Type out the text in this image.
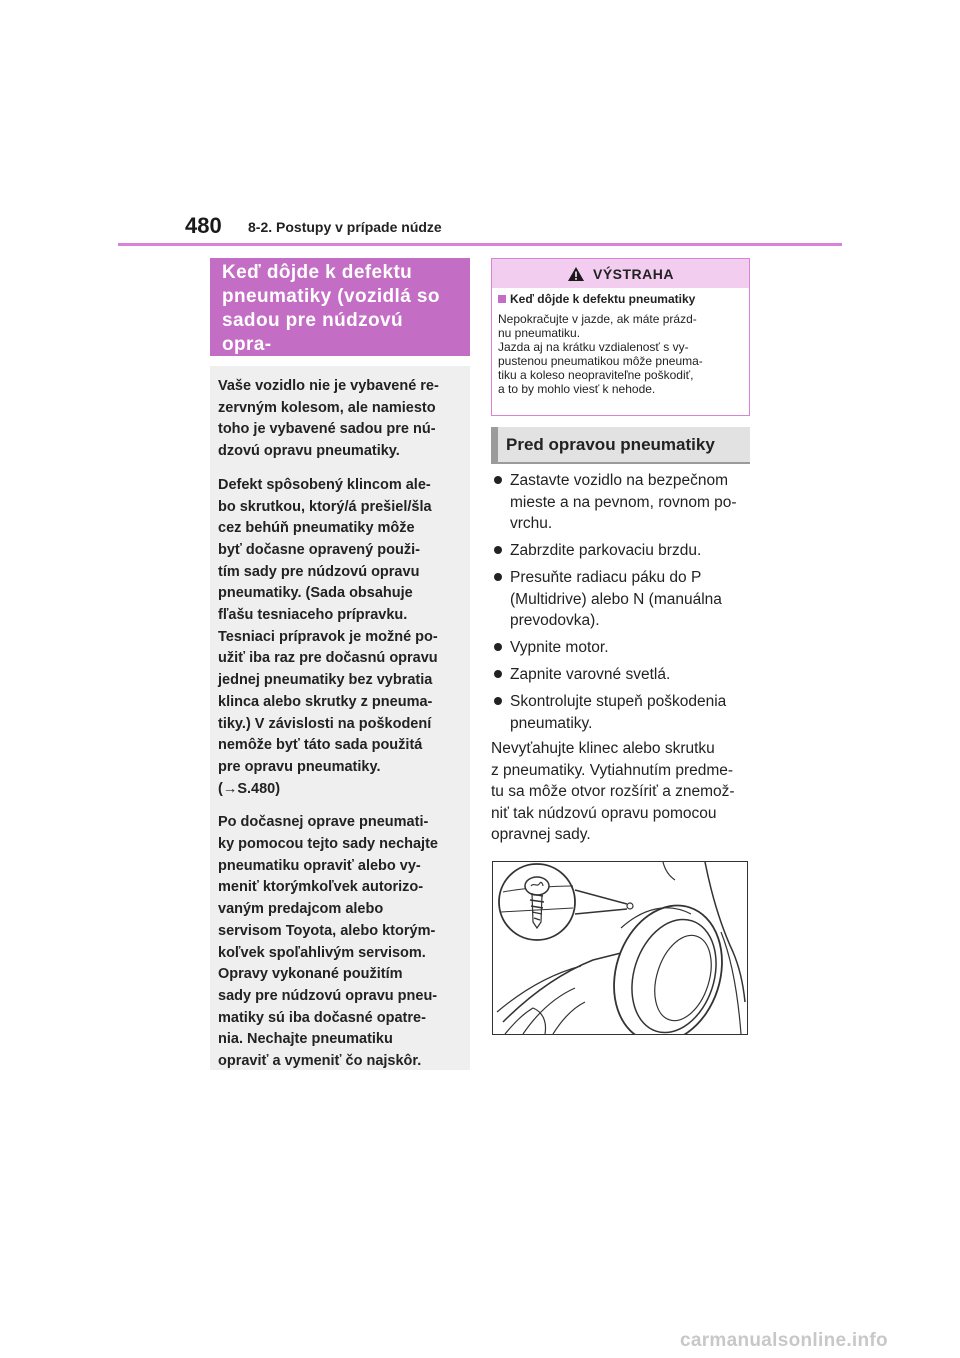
480 8-2. Postupy v prípade núdze
Keď dôjde k defektu
pneumatiky (vozidlá so
sadou pre núdzovú opra-

Vaše vozidlo nie je vybavené re-
zervným kolesom, ale namiesto
toho je vybavené sadou pre nú-
dzovú opravu pneumatiky.

Defekt spôsobený klincom ale-
bo skrutkou, ktorý/á prešiel/šla
cez behúň pneumatiky môže
byť dočasne opravený použi-
tím sady pre núdzovú opravu
pneumatiky. (Sada obsahuje
fľašu tesniaceho prípravku.
Tesniaci prípravok je možné po-
užiť iba raz pre dočasnú opravu
jednej pneumatiky bez vybratia
klinca alebo skrutky z pneuma-
tiky.) V závislosti na poškodení
nemôže byť táto sada použitá
pre opravu pneumatiky.
(→S.480)

Po dočasnej oprave pneumati-
ky pomocou tejto sady nechajte
pneumatiku opraviť alebo vy-
meniť ktorýmkoľvek autorizo-
vaným predajcom alebo
servisom Toyota, alebo ktorým-
koľvek spoľahlivým servisom.
Opravy vykonané použitím
sady pre núdzovú opravu pneu-
matiky sú iba dočasné opatre-
nia. Nechajte pneumatiku
opraviť a vymeniť čo najskôr.

VÝSTRAHA
Keď dôjde k defektu pneumatiky
Nepokračujte v jazde, ak máte prázd-
nu pneumatiku.
Jazda aj na krátku vzdialenosť s vy-
pustenou pneumatikou môže pneuma-
tiku a koleso neopraviteľne poškodiť,
a to by mohlo viesť k nehode.
Pred opravou pneumatiky
Zastavte vozidlo na bezpečnom
mieste a na pevnom, rovnom po-
vrchu.
Zabrzdite parkovaciu brzdu.
Presuňte radiacu páku do P
(Multidrive) alebo N (manuálna
prevodovka).
Vypnite motor.
Zapnite varovné svetlá.
Skontrolujte stupeň poškodenia
pneumatiky.
Nevyťahujte klinec alebo skrutku
z pneumatiky. Vytiahnutím predme-
tu sa môže otvor rozšíriť a znemož-
niť tak núdzovú opravu pomocou
opravnej sady.
carmanualsonline.info
